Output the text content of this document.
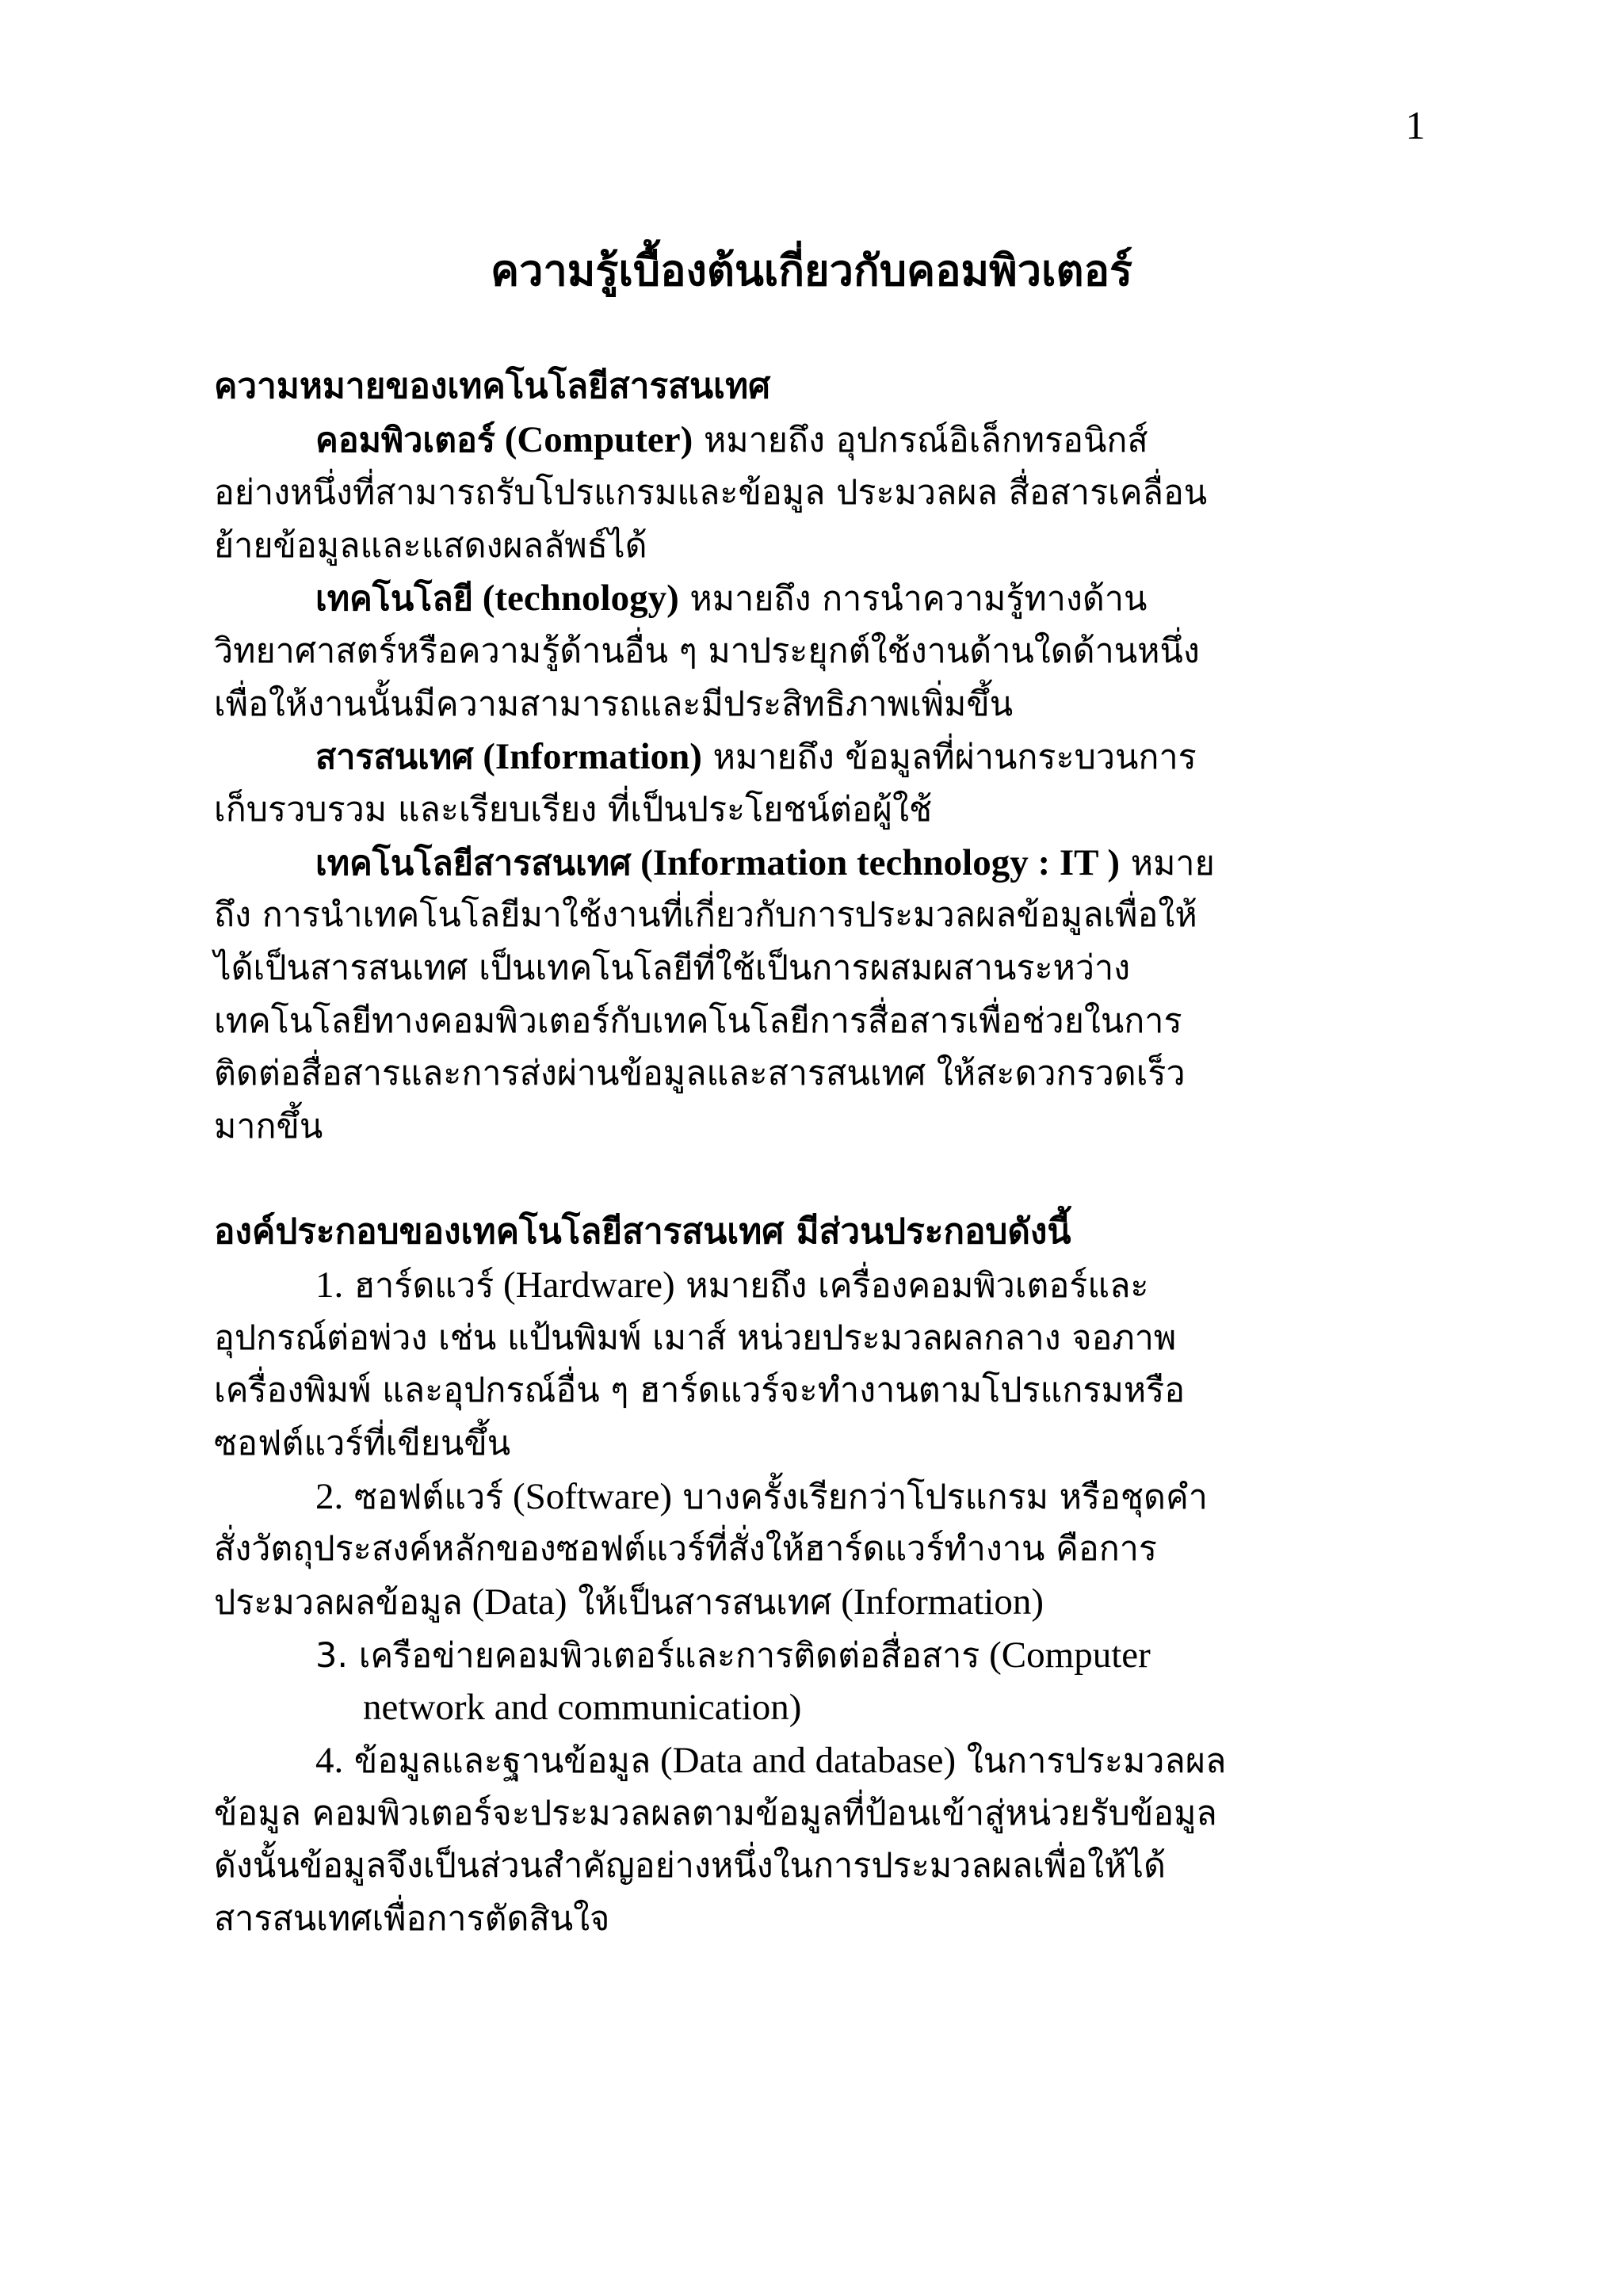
1
ความรู้เบื้องต้นเกี่ยวกับคอมพิวเตอร์
ความหมายของเทคโนโลยีสารสนเทศ
คอมพิวเตอร์ (Computer) หมายถึง อุปกรณ์อิเล็กทรอนิกส์
อย่างหนึ่งที่สามารถรับโปรแกรมและข้อมูล ประมวลผล สื่อสารเคลื่อน
ย้ายข้อมูลและแสดงผลลัพธ์ได้
เทคโนโลยี (technology) หมายถึง การนำความรู้ทางด้าน
วิทยาศาสตร์หรือความรู้ด้านอื่น ๆ มาประยุกต์ใช้งานด้านใดด้านหนึ่ง
เพื่อให้งานนั้นมีความสามารถและมีประสิทธิภาพเพิ่มขึ้น
สารสนเทศ (Information) หมายถึง ข้อมูลที่ผ่านกระบวนการ
เก็บรวบรวม และเรียบเรียง ที่เป็นประโยชน์ต่อผู้ใช้
เทคโนโลยีสารสนเทศ (Information technology : IT ) หมาย
ถึง การนำเทคโนโลยีมาใช้งานที่เกี่ยวกับการประมวลผลข้อมูลเพื่อให้
ได้เป็นสารสนเทศ เป็นเทคโนโลยีที่ใช้เป็นการผสมผสานระหว่าง
เทคโนโลยีทางคอมพิวเตอร์กับเทคโนโลยีการสื่อสารเพื่อช่วยในการ
ติดต่อสื่อสารและการส่งผ่านข้อมูลและสารสนเทศ ให้สะดวกรวดเร็ว
มากขึ้น
องค์ประกอบของเทคโนโลยีสารสนเทศ มีส่วนประกอบดังนี้
1. ฮาร์ดแวร์ (Hardware) หมายถึง เครื่องคอมพิวเตอร์และ
อุปกรณ์ต่อพ่วง เช่น แป้นพิมพ์ เมาส์ หน่วยประมวลผลกลาง จอภาพ
เครื่องพิมพ์ และอุปกรณ์อื่น ๆ ฮาร์ดแวร์จะทำงานตามโปรแกรมหรือ
ซอฟต์แวร์ที่เขียนขึ้น
2. ซอฟต์แวร์ (Software) บางครั้งเรียกว่าโปรแกรม หรือชุดคำ
สั่งวัตถุประสงค์หลักของซอฟต์แวร์ที่สั่งให้ฮาร์ดแวร์ทำงาน คือการ
ประมวลผลข้อมูล (Data) ให้เป็นสารสนเทศ (Information)
3. เครือข่ายคอมพิวเตอร์และการติดต่อสื่อสาร (Computer
network and communication)
4. ข้อมูลและฐานข้อมูล (Data and database) ในการประมวลผล
ข้อมูล คอมพิวเตอร์จะประมวลผลตามข้อมูลที่ป้อนเข้าสู่หน่วยรับข้อมูล
ดังนั้นข้อมูลจึงเป็นส่วนสำคัญอย่างหนึ่งในการประมวลผลเพื่อให้ได้
สารสนเทศเพื่อการตัดสินใจ
